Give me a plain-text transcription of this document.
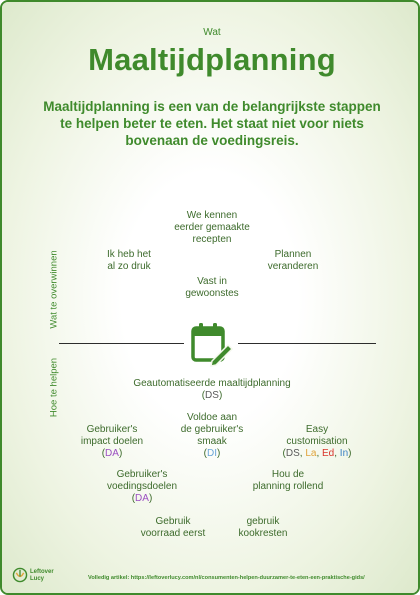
Wat
Maaltijdplanning
Maaltijdplanning is een van de belangrijkste stappen te helpen beter te eten. Het staat niet voor niets bovenaan de voedingsreis.
Wat te overwinnen
Hoe te helpen
We kennen
eerder gemaakte
recepten
Ik heb het
al zo druk
Plannen
veranderen
Vast in
gewoonstes
Geautomatiseerde maaltijdplanning
(DS)
Gebruiker's
impact doelen
(DA)
Voldoe aan
de gebruiker's
smaak
(DI)
Easy
customisation
(DS, La, Ed, In)
Gebruiker's
voedingsdoelen
(DA)
Hou de
planning rollend
Gebruik
voorraad eerst
gebruik
kookresten
Leftover
Lucy	Volledig artikel: https://leftoverlucy.com/nl/consumenten-helpen-duurzamer-te-eten-een-praktische-gids/
